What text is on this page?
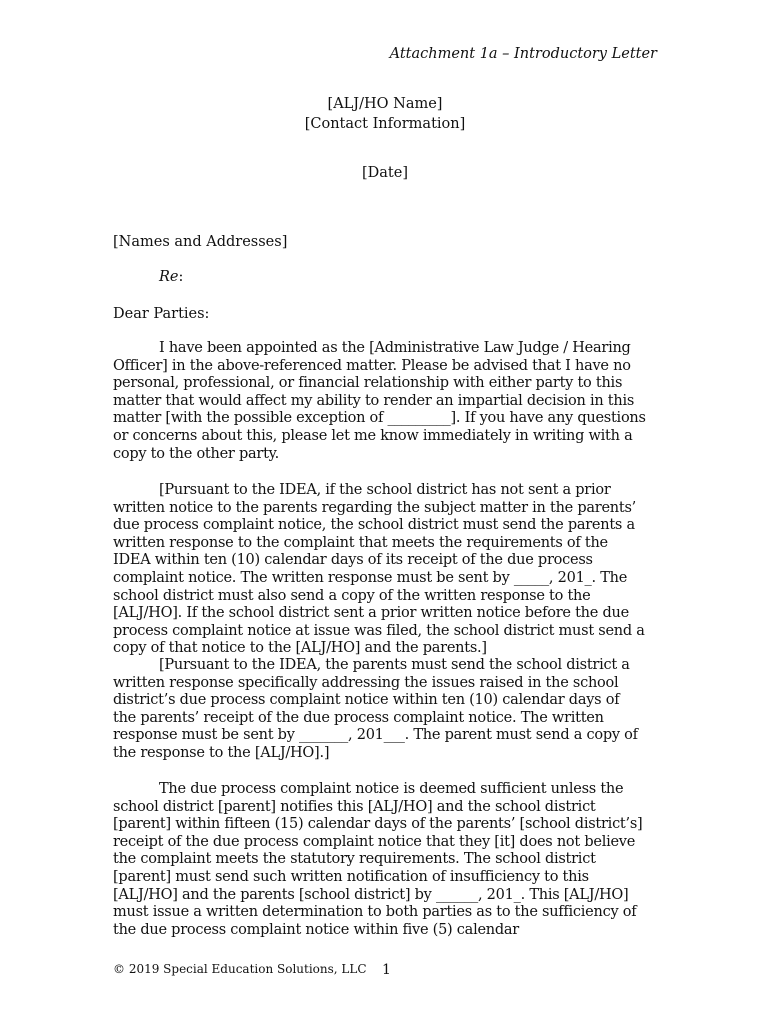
Attachment 1a – Introductory Letter
[ALJ/HO Name]
[Contact Information]
[Date]
[Names and Addresses]
Re:
Dear Parties:

I have been appointed as the [Administrative Law Judge / Hearing Officer] in the above-referenced matter. Please be advised that I have no personal, professional, or financial relationship with either party to this matter that would affect my ability to render an impartial decision in this matter [with the possible exception of _________]. If you have any questions or concerns about this, please let me know immediately in writing with a copy to the other party.

[Pursuant to the IDEA, if the school district has not sent a prior written notice to the parents regarding the subject matter in the parents’ due process complaint notice, the school district must send the parents a written response to the complaint that meets the requirements of the IDEA within ten (10) calendar days of its receipt of the due process complaint notice. The written response must be sent by _____, 201_. The school district must also send a copy of the written response to the [ALJ/HO]. If the school district sent a prior written notice before the due process complaint notice at issue was filed, the school district must send a copy of that notice to the [ALJ/HO] and the parents.]

[Pursuant to the IDEA, the parents must send the school district a written response specifically addressing the issues raised in the school district’s due process complaint notice within ten (10) calendar days of the parents’ receipt of the due process complaint notice. The written response must be sent by _______, 201___. The parent must send a copy of the response to the [ALJ/HO].]

The due process complaint notice is deemed sufficient unless the school district [parent] notifies this [ALJ/HO] and the school district [parent] within fifteen (15) calendar days of the parents’ [school district’s] receipt of the due process complaint notice that they [it] does not believe the complaint meets the statutory requirements. The school district [parent] must send such written notification of insufficiency to this [ALJ/HO] and the parents [school district] by ______, 201_. This [ALJ/HO] must issue a written determination to both parties as to the sufficiency of the due process complaint notice within five (5) calendar

© 2019 Special Education Solutions, LLC 1
